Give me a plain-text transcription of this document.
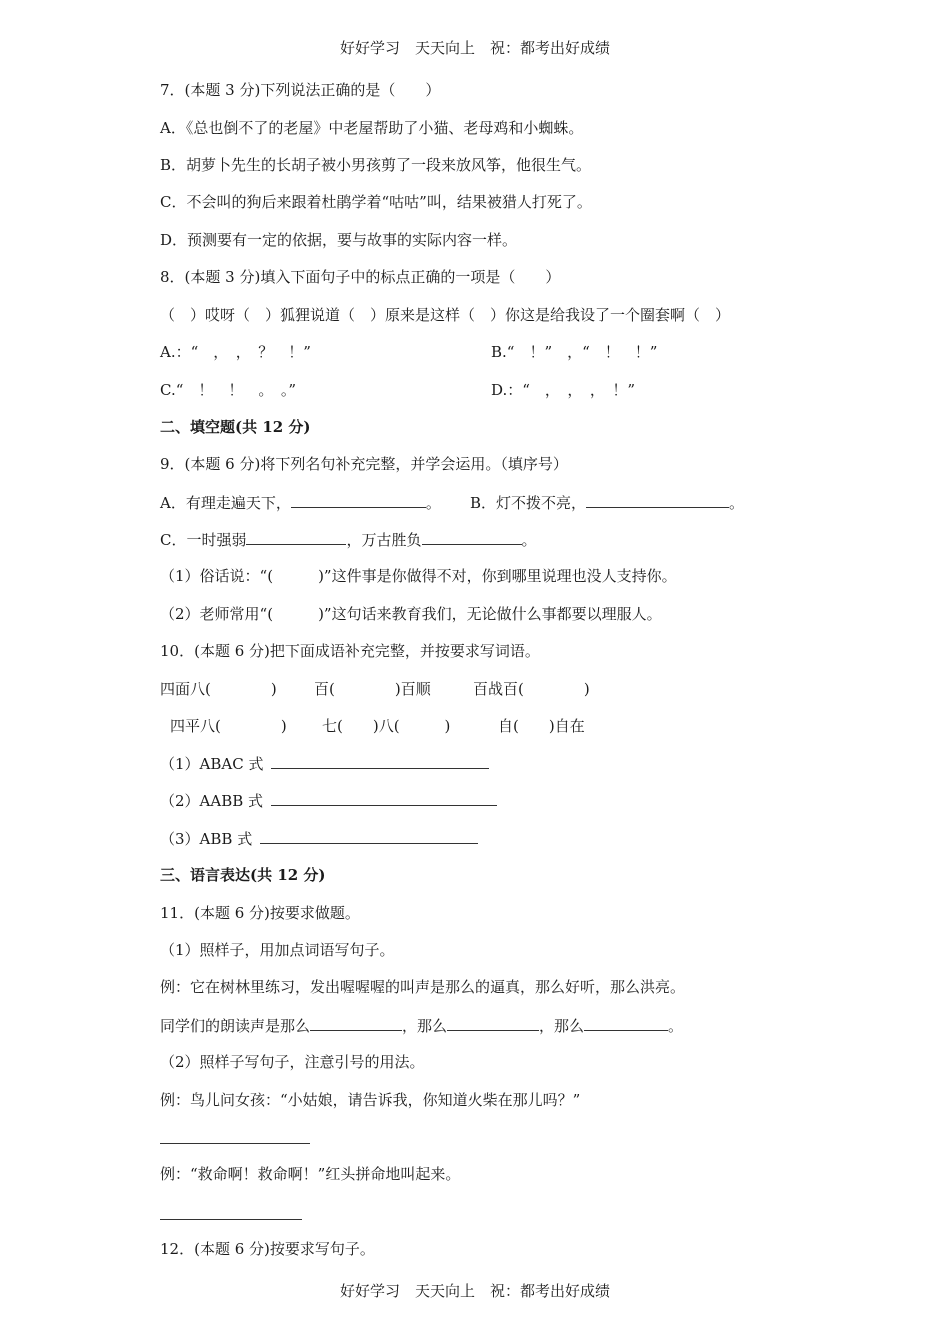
好好学习　天天向上　祝：都考出好成绩
7．(本题 3 分)下列说法正确的是（　　）
A．《总也倒不了的老屋》中老屋帮助了小猫、老母鸡和小蜘蛛。
B．胡萝卜先生的长胡子被小男孩剪了一段来放风筝，他很生气。
C．不会叫的狗后来跟着杜鹃学着“咕咕”叫，结果被猎人打死了。
D．预测要有一定的依据，要与故事的实际内容一样。
8．(本题 3 分)填入下面句子中的标点正确的一项是（　　）
（　）哎呀（　）狐狸说道（　）原来是这样（　）你这是给我设了一个圈套啊（　）
A.：“　，　，　？　！”	B.“　！”　，“　！　！”
C.“　！　！　。　。”	D.：“　，　，　，　！”
二、填空题(共 12 分)
9．(本题 6 分)将下列名句补充完整，并学会运用。（填序号）
A．有理走遍天下，	。 B．灯不拨不亮，	。
C．一时强弱	，万古胜负	。
（1）俗话说：“(　　　)”这件事是你做得不对，你到哪里说理也没人支持你。
（2）老师常用“(　　　)”这句话来教育我们，无论做什么事都要以理服人。
10．(本题 6 分)把下面成语补充完整，并按要求写词语。
四面八(　　　　) 百(　　　　)百顺	百战百(　　　　)
四平八(　　　　) 七(　　)八(　　　)	自(　　)自在
（1）ABAC 式
（2）AABB 式
（3）ABB 式
三、语言表达(共 12 分)
11．(本题 6 分)按要求做题。
（1）照样子，用加点词语写句子。
例：它在树林里练习，发出喔喔喔的叫声是那么的逼真，那么好听，那么洪亮。
同学们的朗读声是那么	，那么	，那么	。
（2）照样子写句子，注意引号的用法。
例：鸟儿问女孩：“小姑娘，请告诉我，你知道火柴在那儿吗？”
例：“救命啊！救命啊！”红头拼命地叫起来。
12．(本题 6 分)按要求写句子。
好好学习　天天向上　祝：都考出好成绩
